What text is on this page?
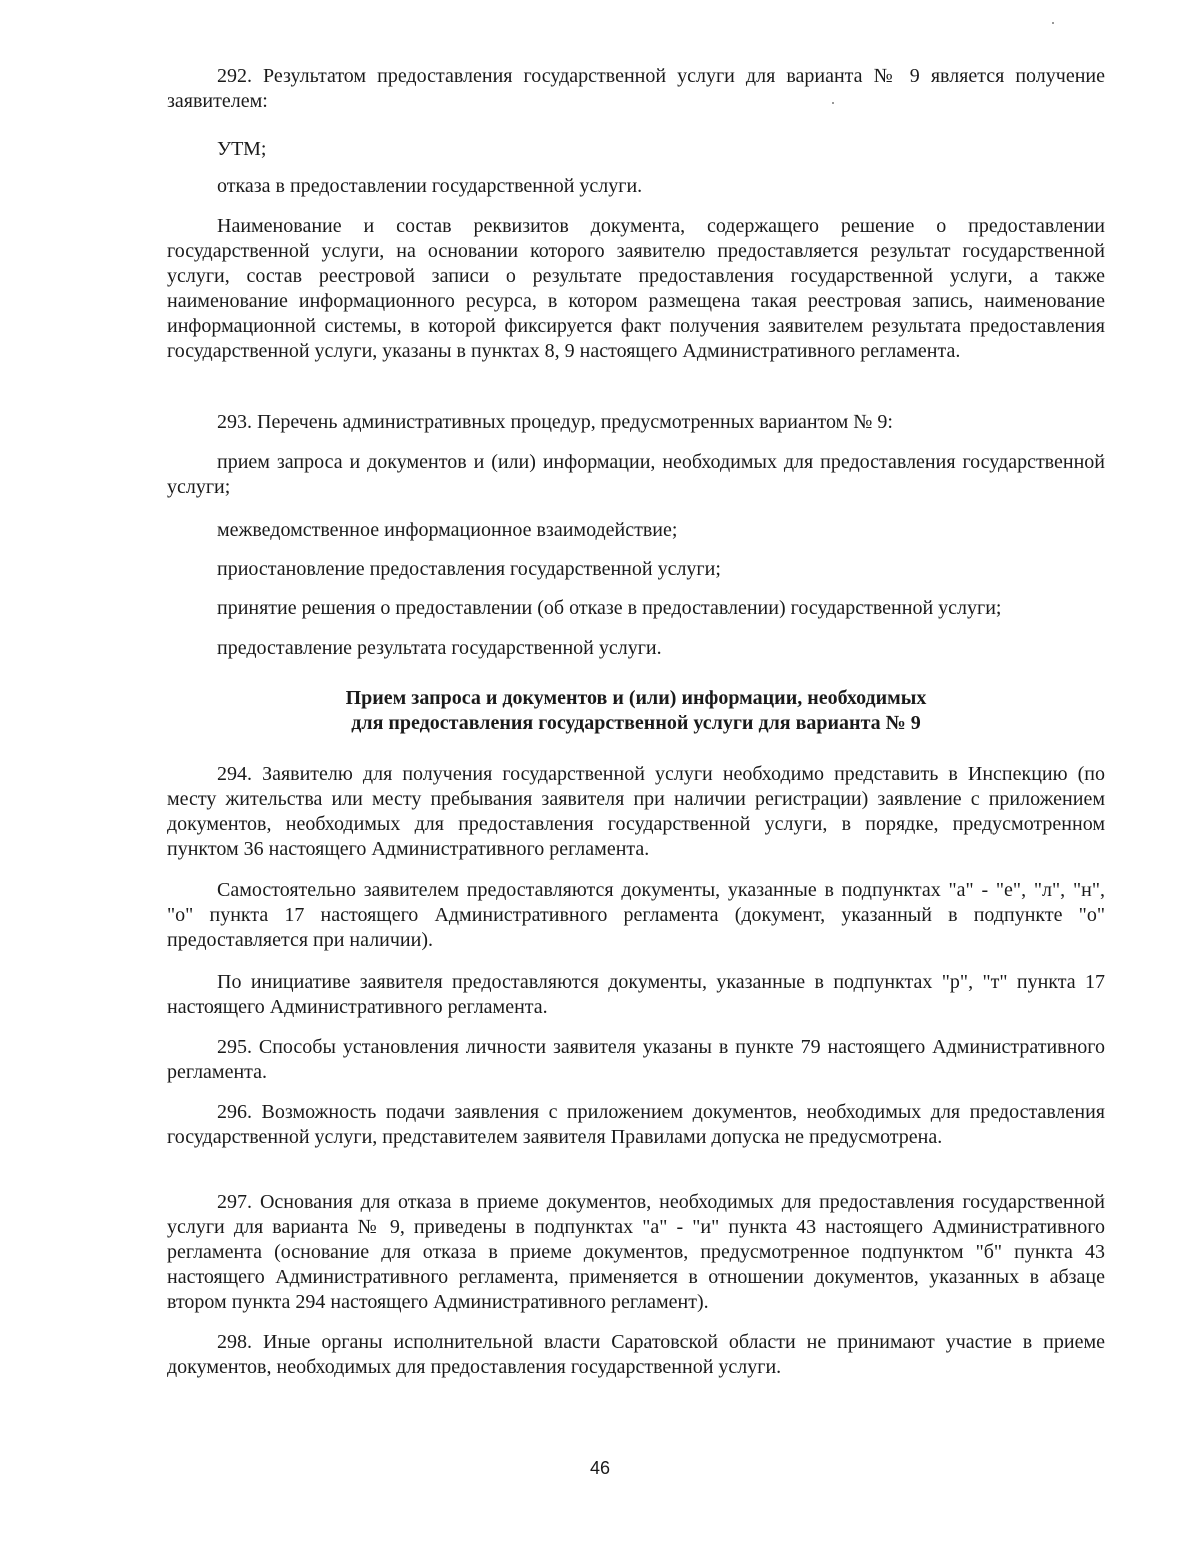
292. Результатом предоставления государственной услуги для варианта № 9 является получение заявителем:

УТМ;

отказа в предоставлении государственной услуги.

Наименование и состав реквизитов документа, содержащего решение о предоставлении государственной услуги, на основании которого заявителю предоставляется результат государственной услуги, состав реестровой записи о результате предоставления государственной услуги, а также наименование информационного ресурса, в котором размещена такая реестровая запись, наименование информационной системы, в которой фиксируется факт получения заявителем результата предоставления государственной услуги, указаны в пунктах 8, 9 настоящего Административного регламента.

293. Перечень административных процедур, предусмотренных вариантом № 9:

прием запроса и документов и (или) информации, необходимых для предоставления государственной услуги;

межведомственное информационное взаимодействие;

приостановление предоставления государственной услуги;

принятие решения о предоставлении (об отказе в предоставлении) государственной услуги;

предоставление результата государственной услуги.

Прием запроса и документов и (или) информации, необходимых
для предоставления государственной услуги для варианта № 9

294. Заявителю для получения государственной услуги необходимо представить в Инспекцию (по месту жительства или месту пребывания заявителя при наличии регистрации) заявление с приложением документов, необходимых для предоставления государственной услуги, в порядке, предусмотренном пунктом 36 настоящего Административного регламента.

Самостоятельно заявителем предоставляются документы, указанные в подпунктах "а" - "е", "л", "н", "о" пункта 17 настоящего Административного регламента (документ, указанный в подпункте "о" предоставляется при наличии).

По инициативе заявителя предоставляются документы, указанные в подпунктах "р", "т" пункта 17 настоящего Административного регламента.

295. Способы установления личности заявителя указаны в пункте 79 настоящего Административного регламента.

296. Возможность подачи заявления с приложением документов, необходимых для предоставления государственной услуги, представителем заявителя Правилами допуска не предусмотрена.

297. Основания для отказа в приеме документов, необходимых для предоставления государственной услуги для варианта № 9, приведены в подпунктах "а" - "и" пункта 43 настоящего Административного регламента (основание для отказа в приеме документов, предусмотренное подпунктом "б" пункта 43 настоящего Административного регламента, применяется в отношении документов, указанных в абзаце втором пункта 294 настоящего Административного регламент).

298. Иные органы исполнительной власти Саратовской области не принимают участие в приеме документов, необходимых для предоставления государственной услуги.

46
